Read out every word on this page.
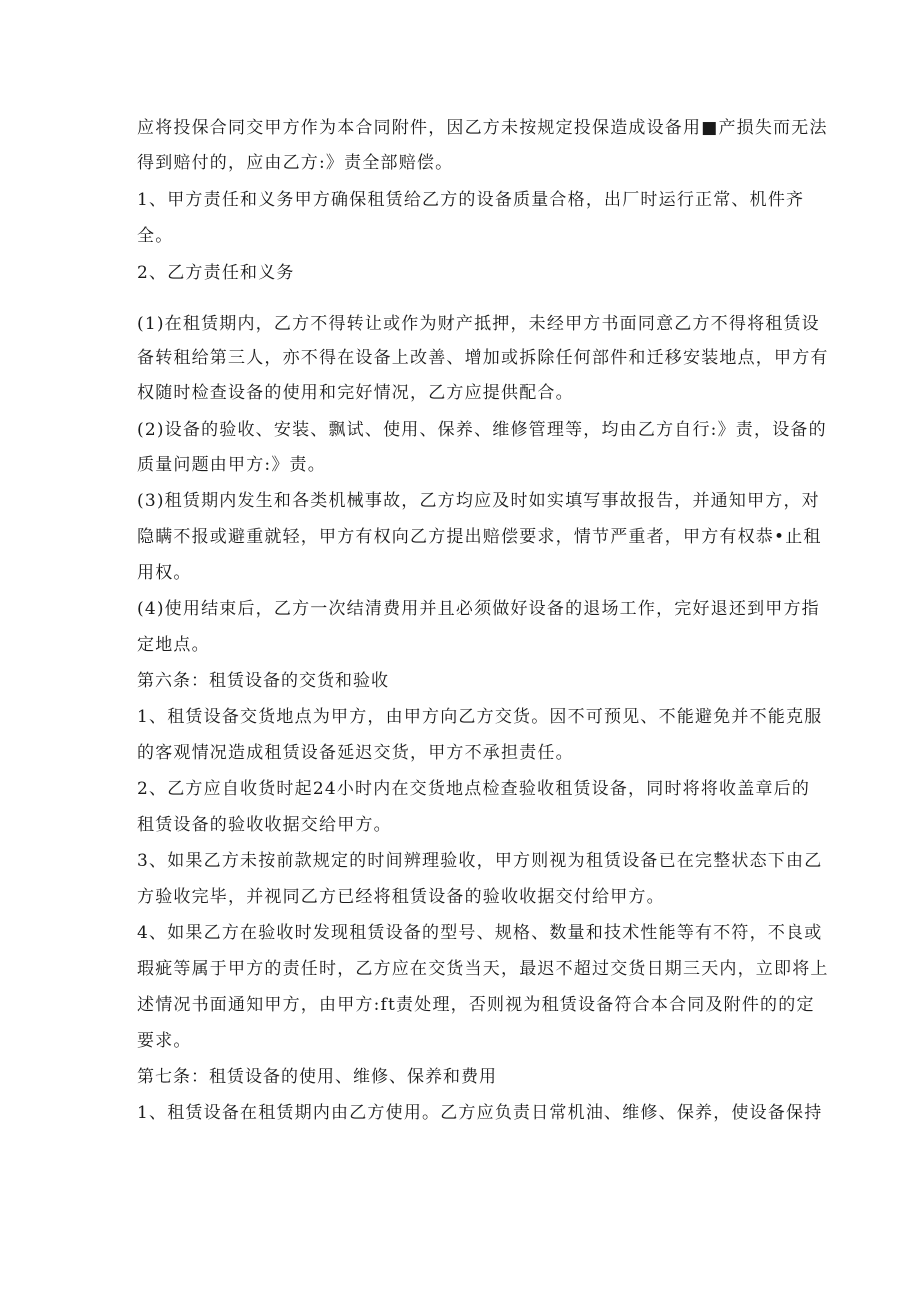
应将投保合同交甲方作为本合同附件，因乙方未按规定投保造成设备用■产损失而无法
得到赔付的，应由乙方:》责全部赔偿。
1、甲方责任和义务甲方确保租赁给乙方的设备质量合格，出厂时运行正常、机件齐
全。
2、乙方责任和义务
(1)在租赁期内，乙方不得转让或作为财产抵押，未经甲方书面同意乙方不得将租赁设
备转租给第三人，亦不得在设备上改善、增加或拆除任何部件和迁移安装地点，甲方有
权随时检查设备的使用和完好情况，乙方应提供配合。
(2)设备的验收、安装、飘试、使用、保养、维修管理等，均由乙方自行:》责，设备的
质量问题由甲方:》责。
(3)租赁期内发生和各类机械事故，乙方均应及时如实填写事故报告，并通知甲方，对
隐瞒不报或避重就轻，甲方有权向乙方提出赔偿要求，情节严重者，甲方有权恭•止租
用权。
(4)使用结束后，乙方一次结清费用并且必须做好设备的退场工作，完好退还到甲方指
定地点。
第六条：租赁设备的交货和验收
1、租赁设备交货地点为甲方，由甲方向乙方交货。因不可预见、不能避免并不能克服
的客观情况造成租赁设备延迟交货，甲方不承担责任。
2、乙方应自收货时起24小时内在交货地点检查验收租赁设备，同时将将收盖章后的
租赁设备的验收收据交给甲方。
3、如果乙方未按前款规定的时间辨理验收，甲方则视为租赁设备已在完整状态下由乙
方验收完毕，并视同乙方已经将租赁设备的验收收据交付给甲方。
4、如果乙方在验收时发现租赁设备的型号、规格、数量和技术性能等有不符，不良或
瑕疵等属于甲方的责任时，乙方应在交货当天，最迟不超过交货日期三天内，立即将上
述情况书面通知甲方，由甲方:ft责处理，否则视为租赁设备符合本合同及附件的的定
要求。
第七条：租赁设备的使用、维修、保养和费用
1、租赁设备在租赁期内由乙方使用。乙方应负责日常机油、维修、保养，使设备保持
